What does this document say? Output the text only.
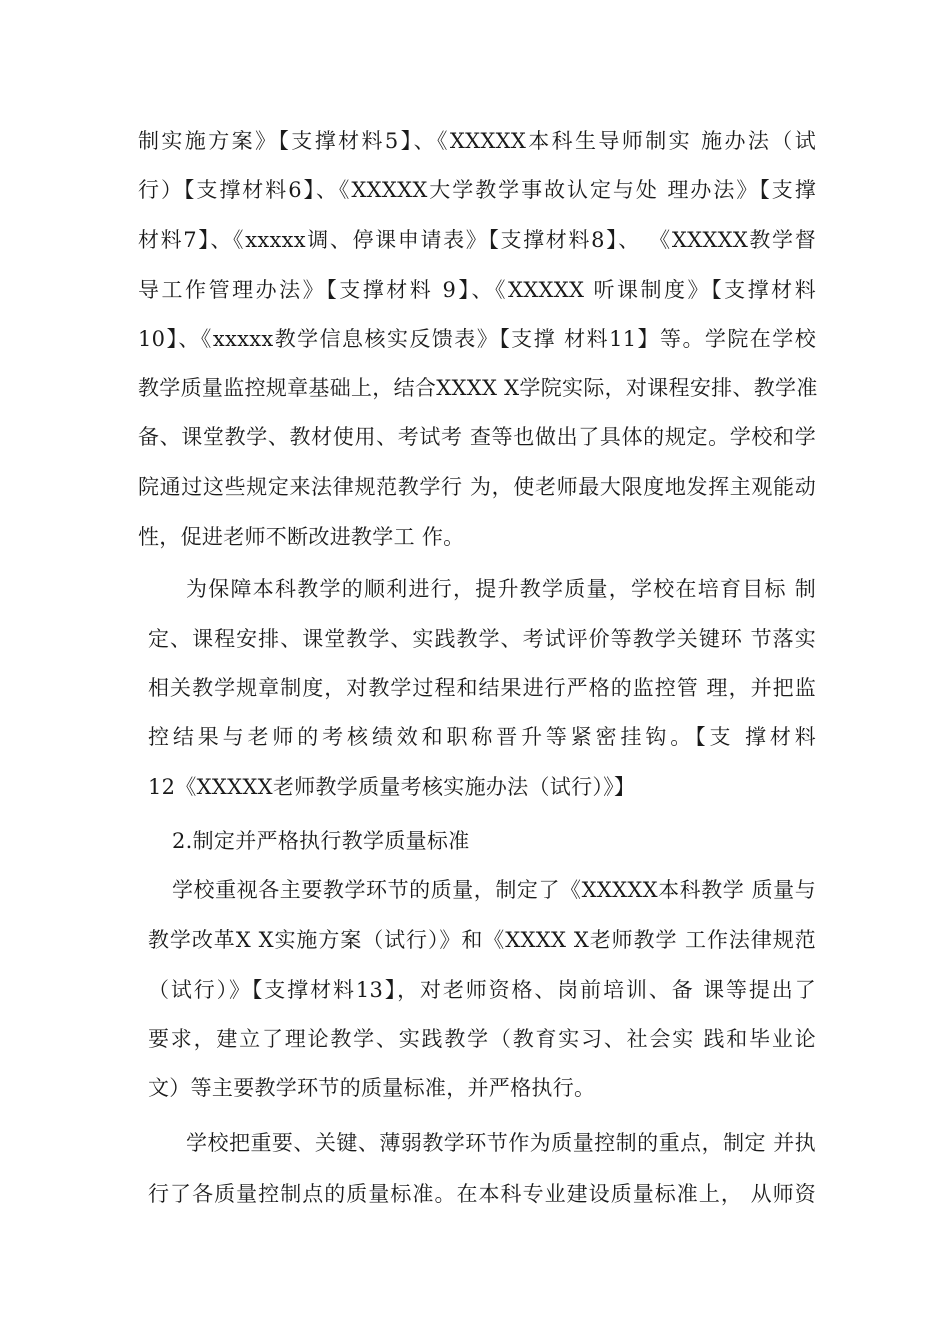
制实施方案》【支撑材料5】、《XXXXX本科生导师制实 施办法（试
行）【支撑材料6】、《XXXXX大学教学事故认定与处 理办法》【支撑
材料7】、《xxxxx调、停课申请表》【支撑材料8】、 《XXXXX教学督
导工作管理办法》【支撑材料 9】、《XXXXX 听课制度》【支撑材料
10】、《xxxxx教学信息核实反馈表》【支撑 材料11】等。学院在学校
教学质量监控规章基础上，结合XXXX X学院实际，对课程安排、教学准
备、课堂教学、教材使用、考试考 查等也做出了具体的规定。学校和学
院通过这些规定来法律规范教学行 为，使老师最大限度地发挥主观能动
性，促进老师不断改进教学工 作。
为保障本科教学的顺利进行，提升教学质量，学校在培育目标 制
定、课程安排、课堂教学、实践教学、考试评价等教学关键环 节落实
相关教学规章制度，对教学过程和结果进行严格的监控管 理，并把监
控结果与老师的考核绩效和职称晋升等紧密挂钩。【支 撑材料
12《XXXXX老师教学质量考核实施办法（试行）》】
2.制定并严格执行教学质量标准
学校重视各主要教学环节的质量，制定了《XXXXX本科教学 质量与
教学改革X X实施方案（试行）》和《XXXX X老师教学 工作法律规范
（试行）》【支撑材料13】，对老师资格、岗前培训、备 课等提出了
要求，建立了理论教学、实践教学（教育实习、社会实 践和毕业论
文）等主要教学环节的质量标准，并严格执行。
学校把重要、关键、薄弱教学环节作为质量控制的重点，制定 并执
行了各质量控制点的质量标准。在本科专业建设质量标准上， 从师资
